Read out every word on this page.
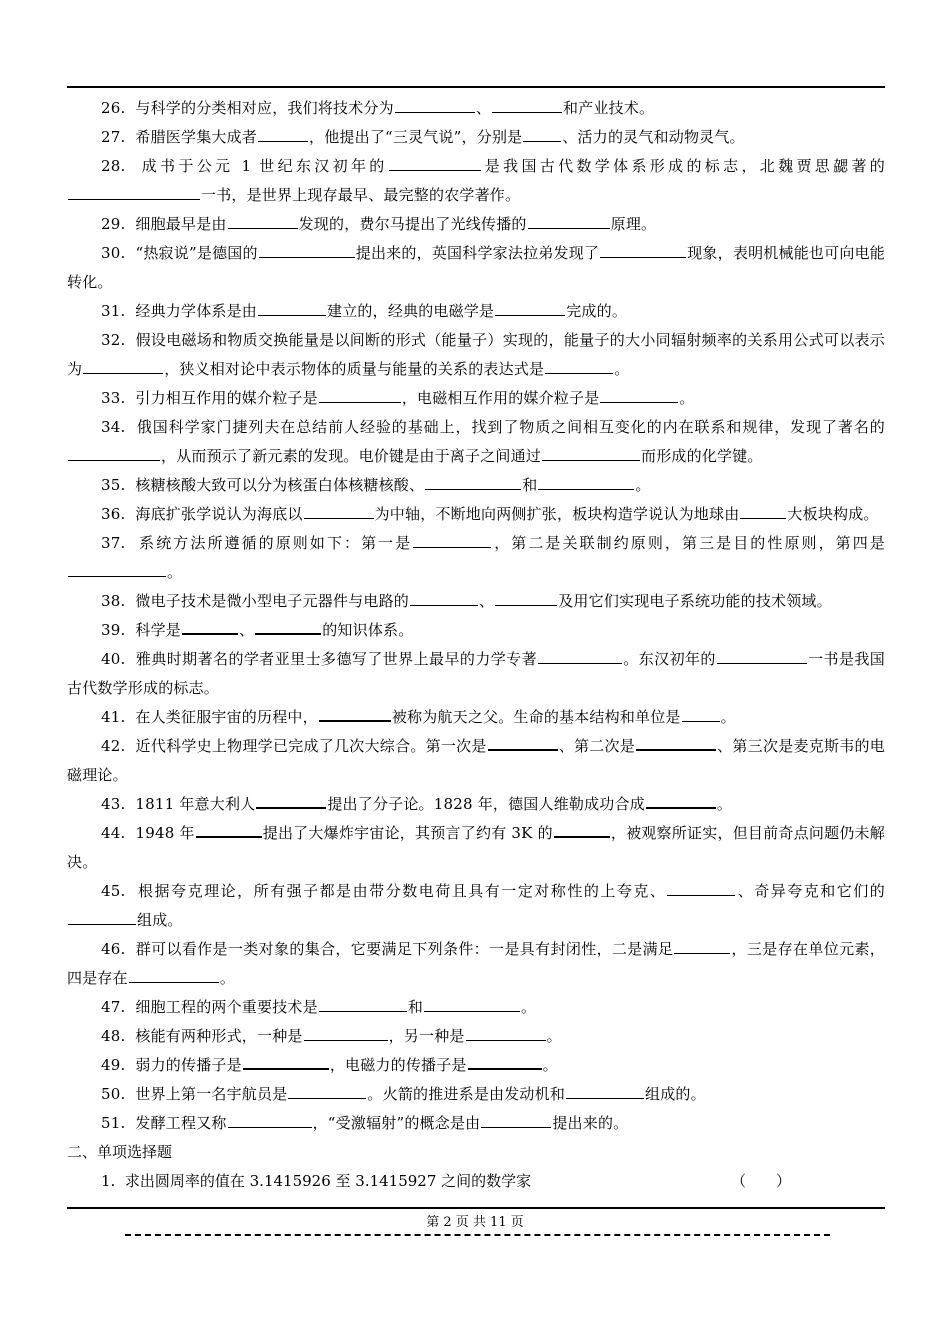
26. 与科学的分类相对应，我们将技术分为	、	和产业技术。

27. 希腊医学集大成者	，他提出了“三灵气说”，分别是	、活力的灵气和动物灵气。

28. 成书于公元 1 世纪东汉初年的	是我国古代数学体系形成的标志，北魏贾思勰著的一书，是世界上现存最早、最完整的农学著作。

29. 细胞最早是由	发现的，费尔马提出了光线传播的	原理。

30. “热寂说”是德国的	提出来的，英国科学家法拉弟发现了	现象，表明机械能也可向电能转化。

31. 经典力学体系是由	建立的，经典的电磁学是	完成的。

32. 假设电磁场和物质交换能量是以间断的形式（能量子）实现的，能量子的大小同辐射频率的关系用公式可以表示为	，狭义相对论中表示物体的质量与能量的关系的表达式是	。

33. 引力相互作用的媒介粒子是	，电磁相互作用的媒介粒子是	。

34. 俄国科学家门捷列夫在总结前人经验的基础上，找到了物质之间相互变化的内在联系和规律，发现了著名的，从而预示了新元素的发现。电价键是由于离子之间通过	而形成的化学键。

35. 核糖核酸大致可以分为核蛋白体核糖核酸、	和	。

36. 海底扩张学说认为海底以	为中轴，不断地向两侧扩张，板块构造学说认为地球由	大板块构成。

37. 系统方法所遵循的原则如下：第一是	，第二是关联制约原则，第三是目的性原则，第四是。

38. 微电子技术是微小型电子元器件与电路的	、	及用它们实现电子系统功能的技术领域。

39. 科学是	、	的知识体系。

40. 雅典时期著名的学者亚里士多德写了世界上最早的力学专著	。东汉初年的	一书是我国古代数学形成的标志。

41. 在人类征服宇宙的历程中，	被称为航天之父。生命的基本结构和单位是	。

42. 近代科学史上物理学已完成了几次大综合。第一次是	、第二次是	、第三次是麦克斯韦的电磁理论。

43. 1811 年意大利人	提出了分子论。1828 年，德国人维勒成功合成	。

44. 1948 年	提出了大爆炸宇宙论，其预言了约有 3K 的	，被观察所证实，但目前奇点问题仍未解决。

45. 根据夸克理论，所有强子都是由带分数电荷且具有一定对称性的上夸克、	、奇异夸克和它们的组成。

46. 群可以看作是一类对象的集合，它要满足下列条件：一是具有封闭性，二是满足	，三是存在单位元素，四是存在	。

47. 细胞工程的两个重要技术是	和	。

48. 核能有两种形式，一种是	，另一种是	。

49. 弱力的传播子是	，电磁力的传播子是	。

50. 世界上第一名宇航员是	。火箭的推进系是由发动机和	组成的。

51. 发酵工程又称	，“受激辐射”的概念是由	提出来的。

二、单项选择题

1. 求出圆周率的值在 3.1415926 至 3.1415927 之间的数学家	（　　）

第 2 页 共 11 页
